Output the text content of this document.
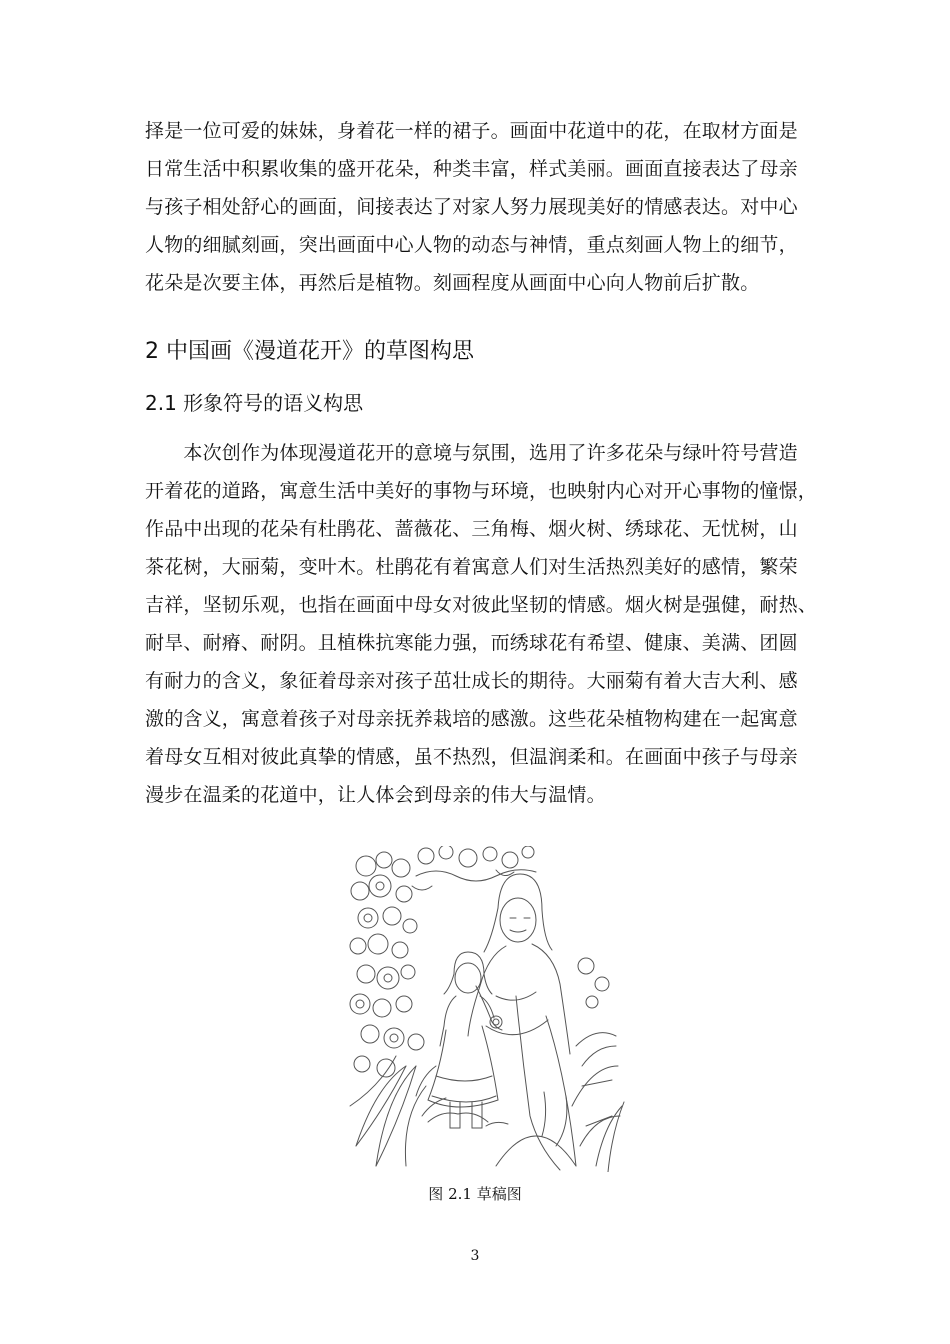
择是一位可爱的妹妹，身着花一样的裙子。画面中花道中的花，在取材方面是
日常生活中积累收集的盛开花朵，种类丰富，样式美丽。画面直接表达了母亲
与孩子相处舒心的画面，间接表达了对家人努力展现美好的情感表达。对中心
人物的细腻刻画，突出画面中心人物的动态与神情，重点刻画人物上的细节，
花朵是次要主体，再然后是植物。刻画程度从画面中心向人物前后扩散。
2 中国画《漫道花开》的草图构思
2.1 形象符号的语义构思
　　本次创作为体现漫道花开的意境与氛围，选用了许多花朵与绿叶符号营造
开着花的道路，寓意生活中美好的事物与环境，也映射内心对开心事物的憧憬，
作品中出现的花朵有杜鹃花、蔷薇花、三角梅、烟火树、绣球花、无忧树，山
茶花树，大丽菊，变叶木。杜鹃花有着寓意人们对生活热烈美好的感情，繁荣
吉祥，坚韧乐观，也指在画面中母女对彼此坚韧的情感。烟火树是强健，耐热、
耐旱、耐瘠、耐阴。且植株抗寒能力强，而绣球花有希望、健康、美满、团圆
有耐力的含义，象征着母亲对孩子茁壮成长的期待。大丽菊有着大吉大利、感
激的含义，寓意着孩子对母亲抚养栽培的感激。这些花朵植物构建在一起寓意
着母女互相对彼此真挚的情感，虽不热烈，但温润柔和。在画面中孩子与母亲
漫步在温柔的花道中，让人体会到母亲的伟大与温情。
图 2.1 草稿图
3
